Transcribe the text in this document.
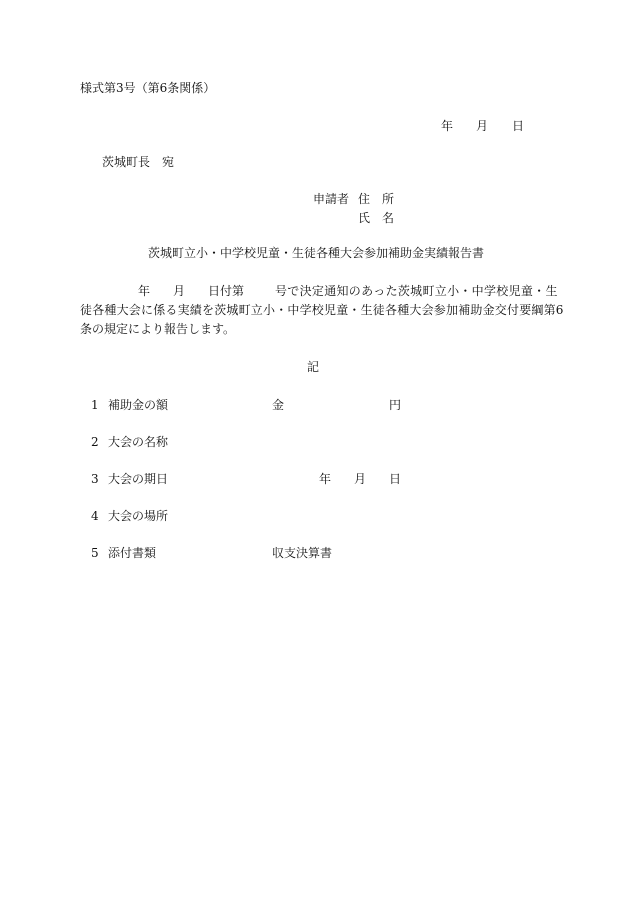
様式第3号（第6条関係）
年 月 日
茨城町長　宛
申請者 住　所
氏　名
茨城町立小・中学校児童・生徒各種大会参加補助金実績報告書
年 月 日付第	号で決定通知のあった茨城町立小・中学校児童・生
徒各種大会に係る実績を茨城町立小・中学校児童・生徒各種大会参加補助金交付要綱第6
条の規定により報告します。
記
1 補助金の額	金	円
2 大会の名称
3 大会の期日	年 月 日
4 大会の場所
5 添付書類	収支決算書
